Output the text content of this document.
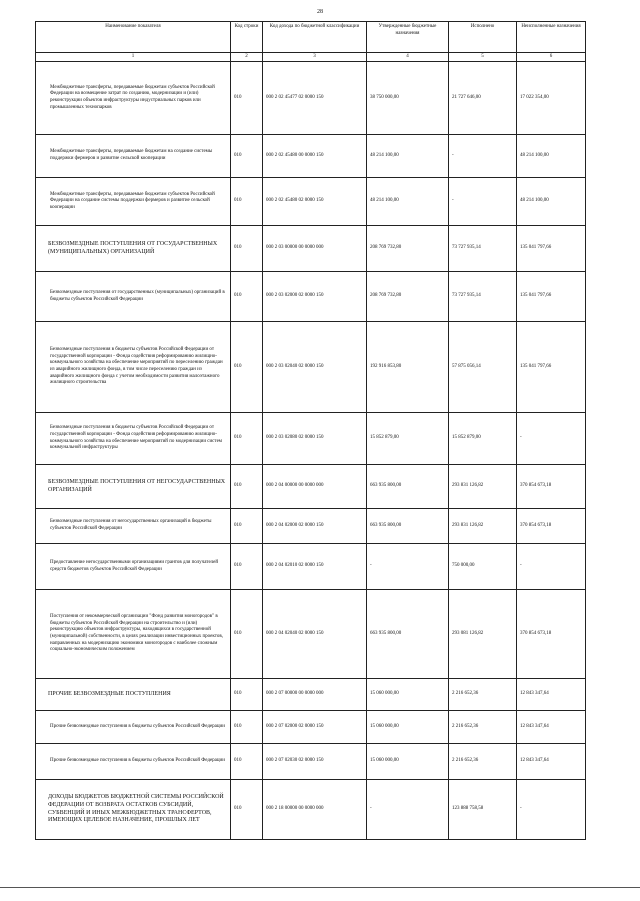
28
Наименование показателя	Код строки	Код дохода по бюджетной классификации	Утвержденные бюджетные назначения	Исполнено	Неисполненные назначения
1	2	3	4	5	6
Межбюджетные трансферты, передаваемые бюджетам субъектов Российской Федерации на возмещение затрат по созданию, модернизации и (или) реконструкции объектов инфраструктуры индустриальных парков или промышленных технопарков	010	000 2 02 45477 02 0000 150	38 750 000,00	21 727 646,00	17 022 354,00
Межбюджетные трансферты, передаваемые бюджетам на создание системы поддержки фермеров и развитие сельской кооперации	010	000 2 02 45480 00 0000 150	48 214 100,00	-	48 214 100,00
Межбюджетные трансферты, передаваемые бюджетам субъектов Российской Федерации на создание системы поддержки фермеров и развитие сельской кооперации	010	000 2 02 45480 02 0000 150	48 214 100,00	-	48 214 100,00
БЕЗВОЗМЕЗДНЫЕ ПОСТУПЛЕНИЯ ОТ ГОСУДАРСТВЕННЫХ (МУНИЦИПАЛЬНЫХ) ОРГАНИЗАЦИЙ	010	000 2 03 00000 00 0000 000	208 769 732,80	73 727 935,14	135 041 797,66
Безвозмездные поступления от государственных (муниципальных) организаций в бюджеты субъектов Российской Федерации	010	000 2 03 02000 02 0000 150	208 769 732,80	73 727 935,14	135 041 797,66
Безвозмездные поступления в бюджеты субъектов Российской Федерации от государственной корпорации - Фонда содействия реформированию жилищно-коммунального хозяйства на обеспечение мероприятий по переселению граждан из аварийного жилищного фонда, в том числе переселению граждан из аварийного жилищного фонда с учетом необходимости развития малоэтажного жилищного строительства	010	000 2 03 02040 02 0000 150	192 916 853,80	57 875 056,14	135 041 797,66
Безвозмездные поступления в бюджеты субъектов Российской Федерации от государственной корпорации - Фонда содействия реформированию жилищно-коммунального хозяйства на обеспечение мероприятий по модернизации систем коммунальной инфраструктуры	010	000 2 03 02080 02 0000 150	15 852 879,00	15 852 879,00	-
БЕЗВОЗМЕЗДНЫЕ ПОСТУПЛЕНИЯ ОТ НЕГОСУДАРСТВЕННЫХ ОРГАНИЗАЦИЙ	010	000 2 04 00000 00 0000 000	663 935 800,00	293 831 126,82	370 854 673,18
Безвозмездные поступления от негосударственных организаций в бюджеты субъектов Российской Федерации	010	000 2 04 02000 02 0000 150	663 935 800,00	293 831 126,82	370 854 673,18
Предоставление негосударственными организациями грантов для получателей средств бюджетов субъектов Российской Федерации	010	000 2 04 02010 02 0000 150	-	750 000,00	-
Поступления от некоммерческой организации "Фонд развития моногородов" в бюджеты субъектов Российской Федерации на строительство и (или) реконструкцию объектов инфраструктуры, находящихся в государственной (муниципальной) собственности, в целях реализации инвестиционных проектов, направленных на модернизацию экономики моногородов с наиболее сложным социально-экономическим положением	010	000 2 04 02040 02 0000 150	663 935 800,00	293 081 126,82	370 854 673,18
ПРОЧИЕ БЕЗВОЗМЕЗДНЫЕ ПОСТУПЛЕНИЯ	010	000 2 07 00000 00 0000 000	15 060 000,00	2 216 652,36	12 843 347,64
Прочие безвозмездные поступления в бюджеты субъектов Российской Федерации	010	000 2 07 02000 02 0000 150	15 060 000,00	2 216 652,36	12 843 347,64
Прочие безвозмездные поступления в бюджеты субъектов Российской Федерации	010	000 2 07 02030 02 0000 150	15 060 000,00	2 216 652,36	12 843 347,64
ДОХОДЫ БЮДЖЕТОВ БЮДЖЕТНОЙ СИСТЕМЫ РОССИЙСКОЙ ФЕДЕРАЦИИ ОТ ВОЗВРАТА ОСТАТКОВ СУБСИДИЙ, СУБВЕНЦИЙ И ИНЫХ МЕЖБЮДЖЕТНЫХ ТРАНСФЕРТОВ, ИМЕЮЩИХ ЦЕЛЕВОЕ НАЗНАЧЕНИЕ, ПРОШЛЫХ ЛЕТ	010	000 2 18 00000 00 0000 000	-	123 888 758,58	-
